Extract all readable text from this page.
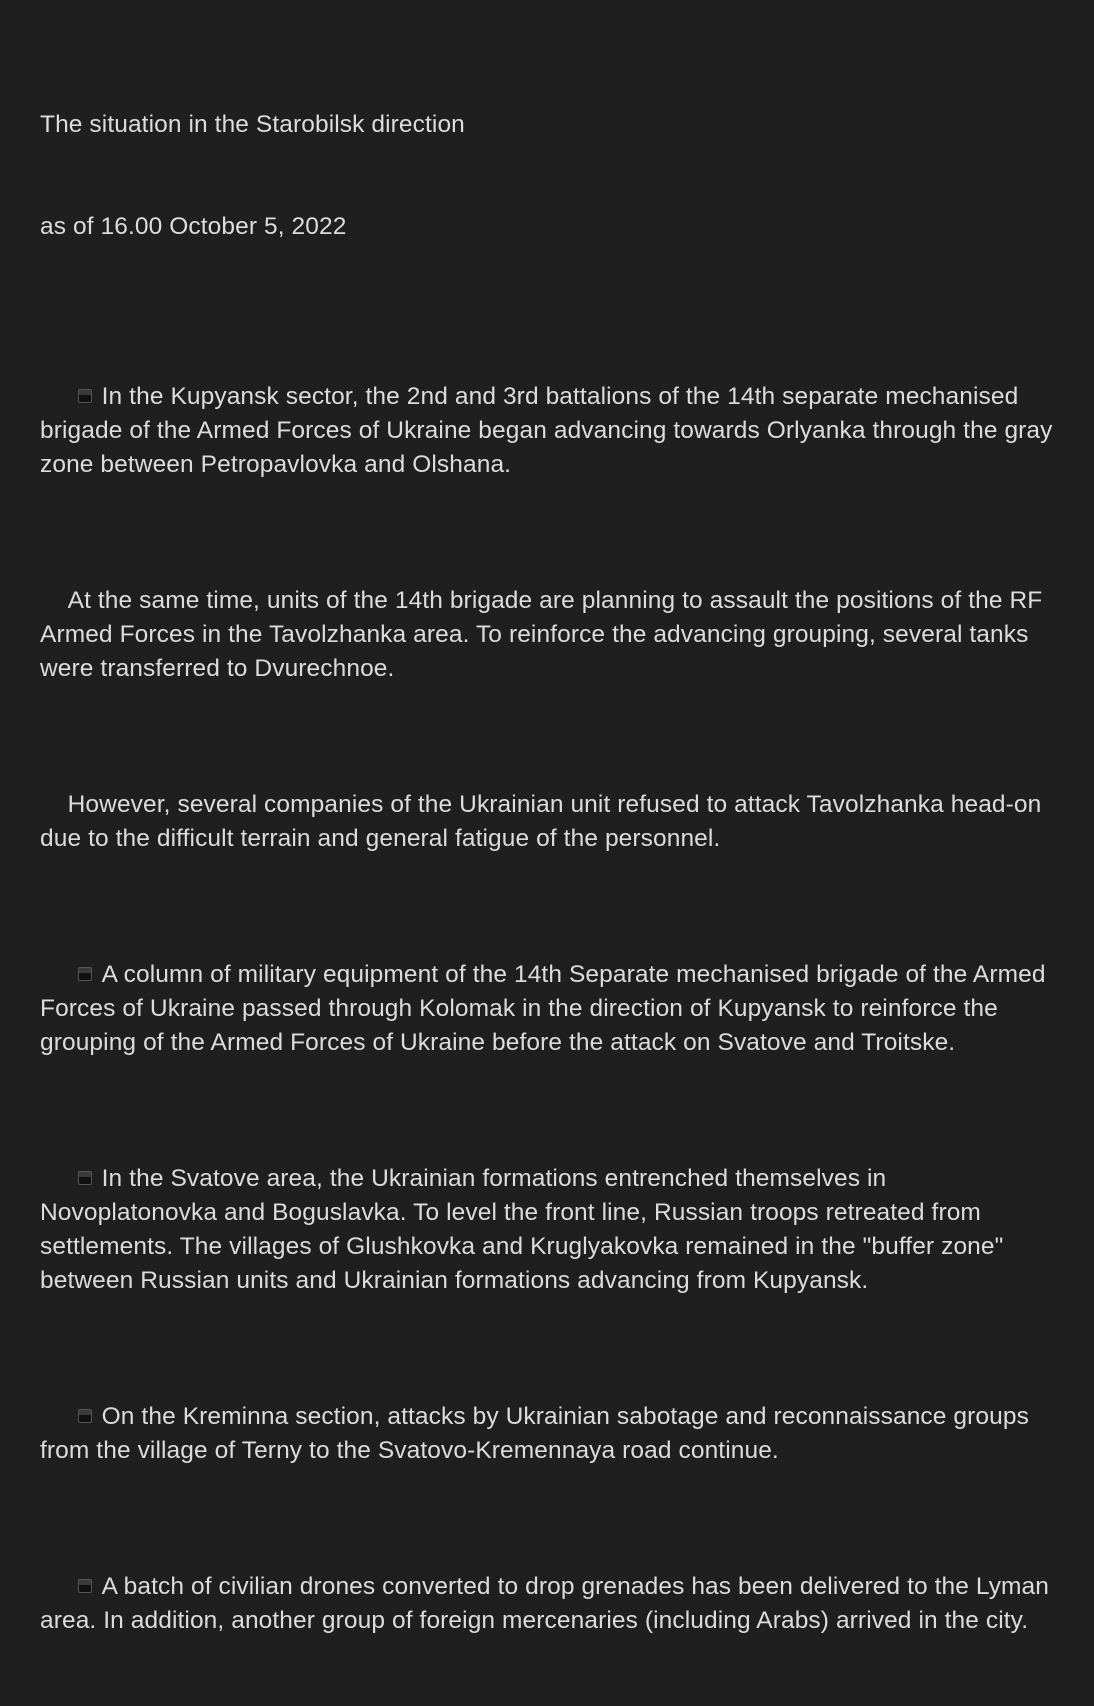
The situation in the Starobilsk direction

as of 16.00 October 5, 2022

In the Kupyansk sector, the 2nd and 3rd battalions of the 14th separate mechanised brigade of the Armed Forces of Ukraine began advancing towards Orlyanka through the gray zone between Petropavlovka and Olshana.

At the same time, units of the 14th brigade are planning to assault the positions of the RF Armed Forces in the Tavolzhanka area. To reinforce the advancing grouping, several tanks were transferred to Dvurechnoe.

However, several companies of the Ukrainian unit refused to attack Tavolzhanka head-on due to the difficult terrain and general fatigue of the personnel.

A column of military equipment of the 14th Separate mechanised brigade of the Armed Forces of Ukraine passed through Kolomak in the direction of Kupyansk to reinforce the grouping of the Armed Forces of Ukraine before the attack on Svatove and Troitske.

In the Svatove area, the Ukrainian formations entrenched themselves in Novoplatonovka and Boguslavka. To level the front line, Russian troops retreated from settlements. The villages of Glushkovka and Kruglyakovka remained in the "buffer zone" between Russian units and Ukrainian formations advancing from Kupyansk.

On the Kreminna section, attacks by Ukrainian sabotage and reconnaissance groups from the village of Terny to the Svatovo-Kremennaya road continue.

A batch of civilian drones converted to drop grenades has been delivered to the Lyman area. In addition, another group of foreign mercenaries (including Arabs) arrived in the city.
